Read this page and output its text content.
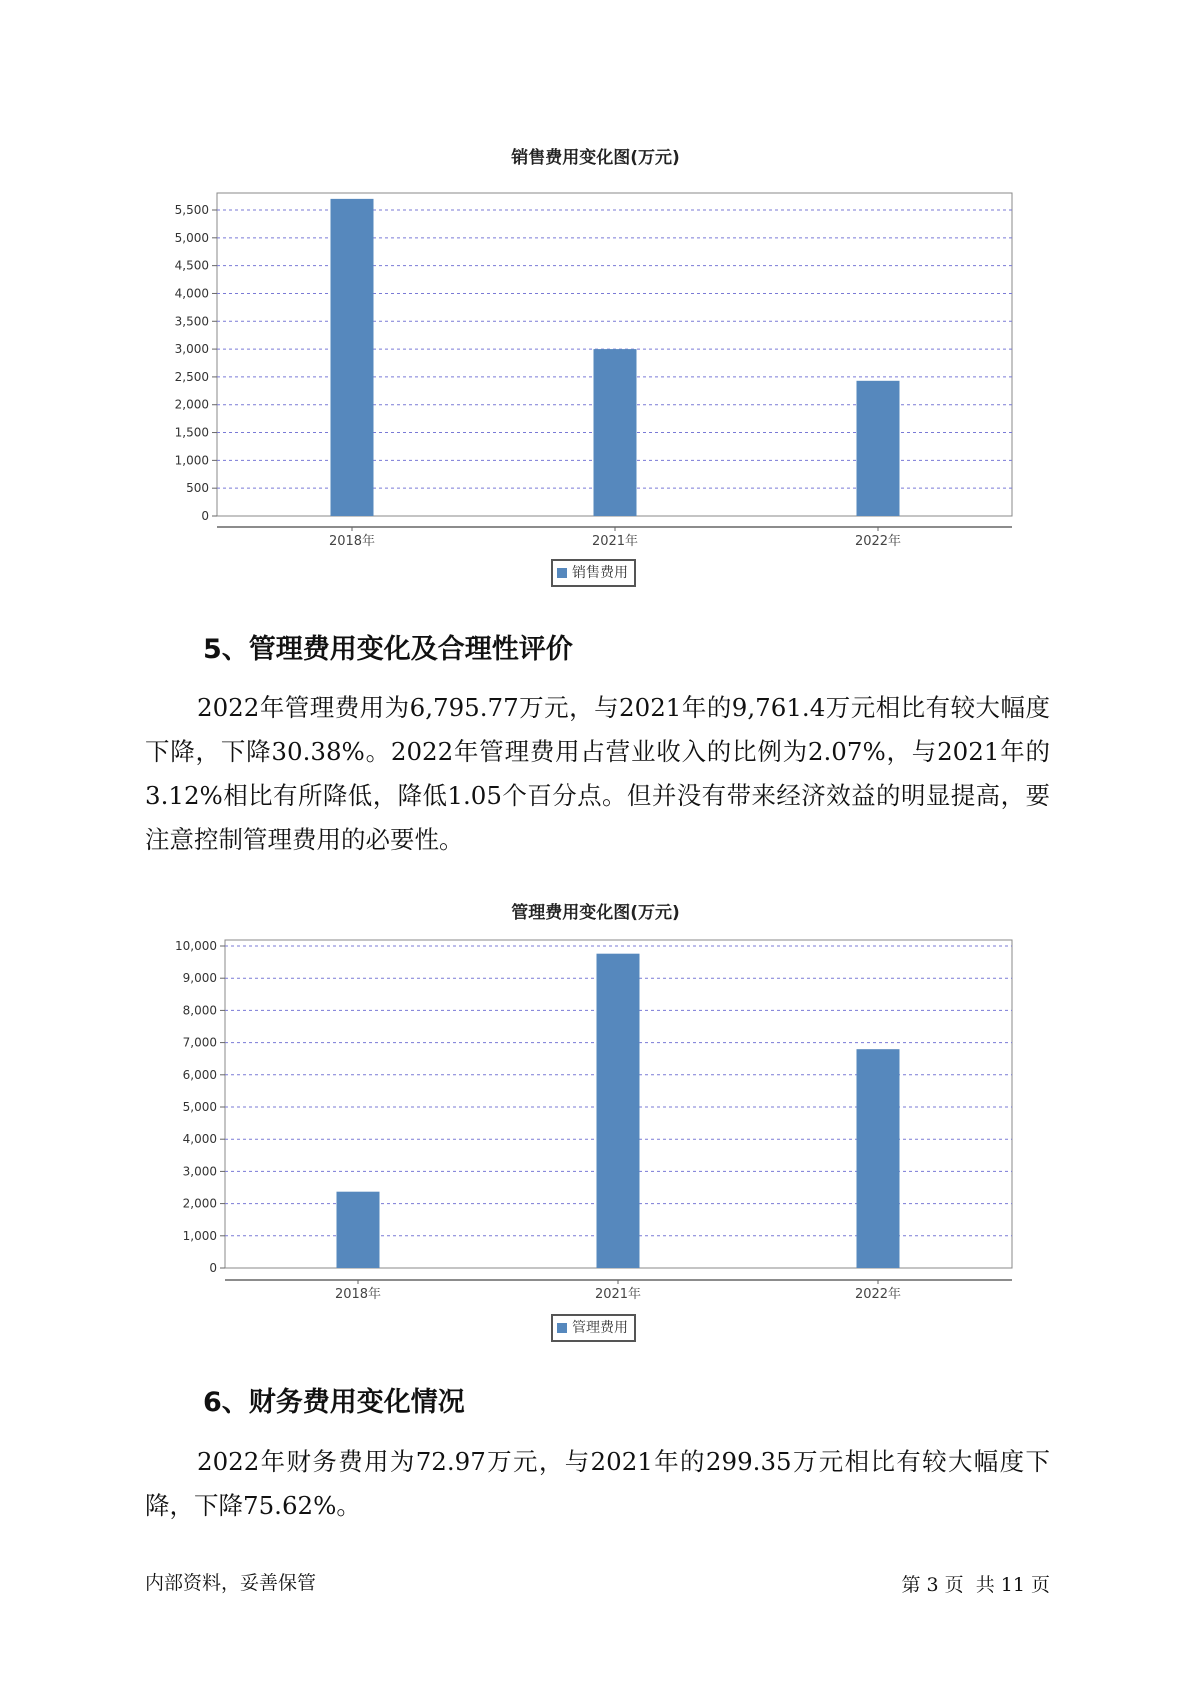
销售费用变化图(万元)
0
500
1,000
1,500
2,000
2,500
3,000
3,500
4,000
4,500
5,000
5,500
2018年	2021年	2022年
销售费用
5、管理费用变化及合理性评价
2022年管理费用为6,795.77万元，与2021年的9,761.4万元相比有较大幅度下降，下降30.38%。2022年管理费用占营业收入的比例为2.07%，与2021年的3.12%相比有所降低，降低1.05个百分点。但并没有带来经济效益的明显提高，要注意控制管理费用的必要性。
管理费用变化图(万元)
0
1,000
2,000
3,000
4,000
5,000
6,000
7,000
8,000
9,000
10,000
2018年	2021年	2022年
管理费用
6、财务费用变化情况
2022年财务费用为72.97万元，与2021年的299.35万元相比有较大幅度下降，下降75.62%。
内部资料，妥善保管	第 3 页  共 11 页
